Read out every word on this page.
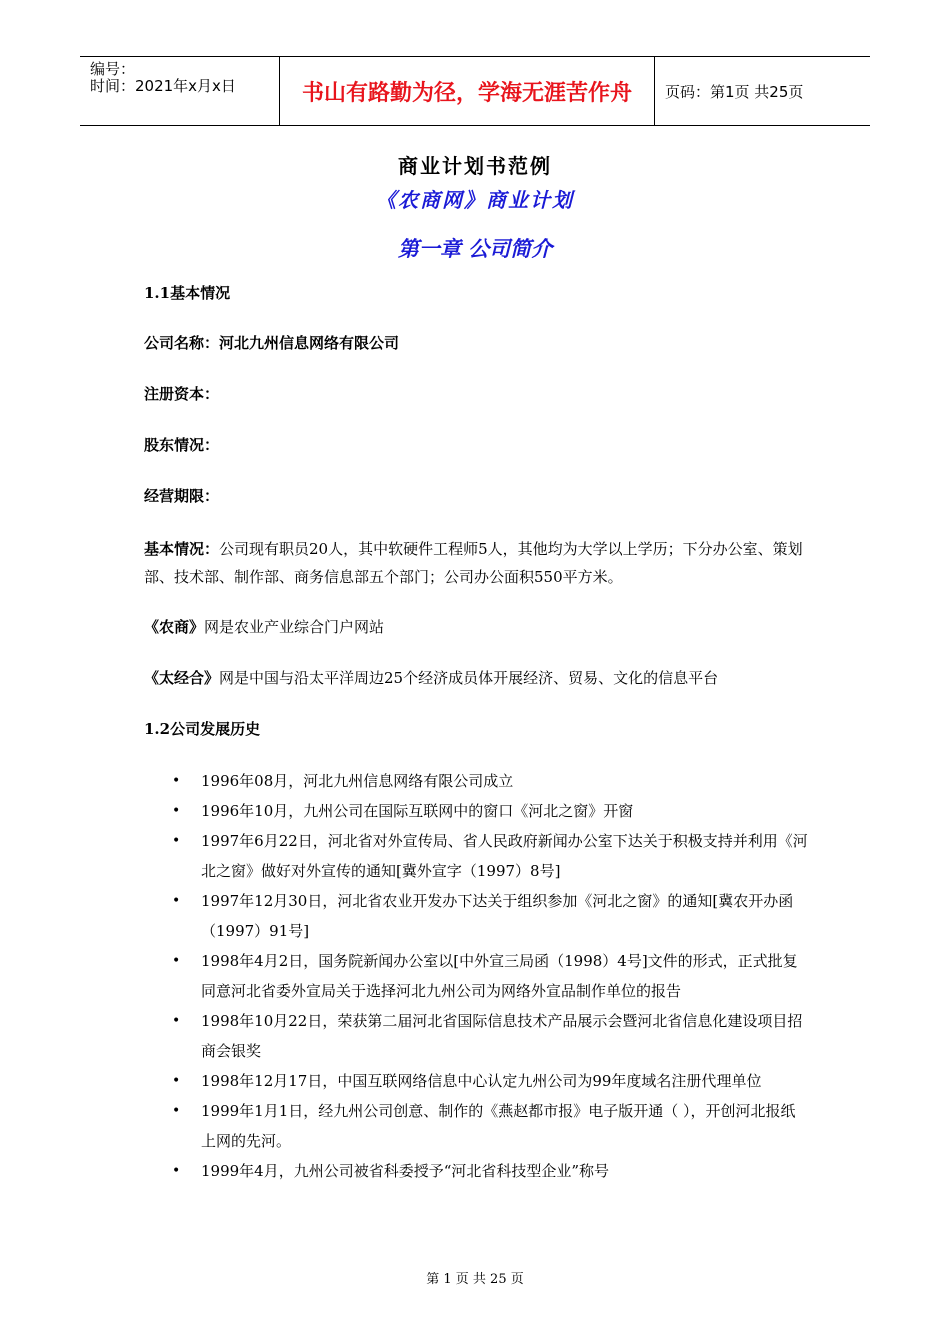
编号：
时间：2021年x月x日	书山有路勤为径，学海无涯苦作舟	页码：第1页 共25页
商业计划书范例
《农商网》商业计划
第一章 公司简介
1.1基本情况
公司名称：河北九州信息网络有限公司
注册资本：
股东情况：
经营期限：
基本情况：公司现有职员20人，其中软硬件工程师5人，其他均为大学以上学历；下分办公室、策划部、技术部、制作部、商务信息部五个部门；公司办公面积550平方米。
《农商》网是农业产业综合门户网站
《太经合》网是中国与沿太平洋周边25个经济成员体开展经济、贸易、文化的信息平台
1.2公司发展历史
• 1996年08月，河北九州信息网络有限公司成立
• 1996年10月，九州公司在国际互联网中的窗口《河北之窗》开窗
• 1997年6月22日，河北省对外宣传局、省人民政府新闻办公室下达关于积极支持并利用《河北之窗》做好对外宣传的通知[冀外宣字（1997）8号]
• 1997年12月30日，河北省农业开发办下达关于组织参加《河北之窗》的通知[冀农开办函（1997）91号]
• 1998年4月2日，国务院新闻办公室以[中外宣三局函（1998）4号]文件的形式，正式批复同意河北省委外宣局关于选择河北九州公司为网络外宣品制作单位的报告
• 1998年10月22日，荣获第二届河北省国际信息技术产品展示会暨河北省信息化建设项目招商会银奖
• 1998年12月17日，中国互联网络信息中心认定九州公司为99年度域名注册代理单位
• 1999年1月1日，经九州公司创意、制作的《燕赵都市报》电子版开通（ ），开创河北报纸上网的先河。
• 1999年4月，九州公司被省科委授予“河北省科技型企业”称号
第 1 页 共 25 页
